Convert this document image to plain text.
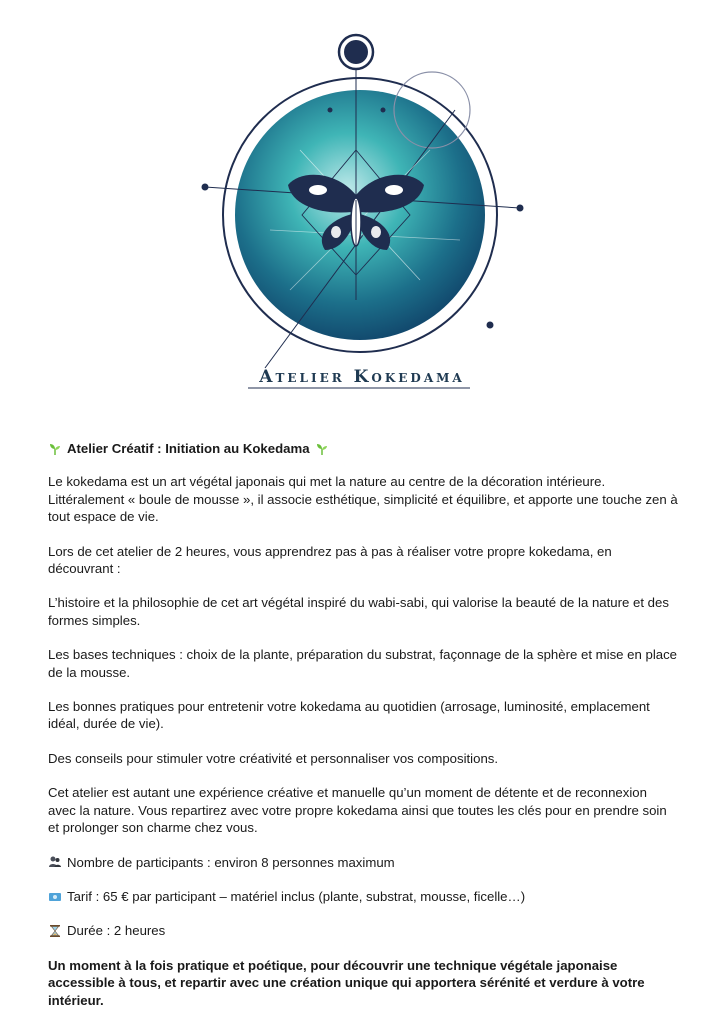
Atelier Kokedama

Atelier Créatif : Initiation au Kokedama

Le kokedama est un art végétal japonais qui met la nature au centre de la décoration intérieure. Littéralement « boule de mousse », il associe esthétique, simplicité et équilibre, et apporte une touche zen à tout espace de vie.

Lors de cet atelier de 2 heures, vous apprendrez pas à pas à réaliser votre propre kokedama, en découvrant :

L’histoire et la philosophie de cet art végétal inspiré du wabi-sabi, qui valorise la beauté de la nature et des formes simples.

Les bases techniques : choix de la plante, préparation du substrat, façonnage de la sphère et mise en place de la mousse.

Les bonnes pratiques pour entretenir votre kokedama au quotidien (arrosage, luminosité, emplacement idéal, durée de vie).

Des conseils pour stimuler votre créativité et personnaliser vos compositions.

Cet atelier est autant une expérience créative et manuelle qu’un moment de détente et de reconnexion avec la nature. Vous repartirez avec votre propre kokedama ainsi que toutes les clés pour en prendre soin et prolonger son charme chez vous.

Nombre de participants : environ 8 personnes maximum

Tarif : 65 € par participant – matériel inclus (plante, substrat, mousse, ficelle…)

Durée : 2 heures

Un moment à la fois pratique et poétique, pour découvrir une technique végétale japonaise accessible à tous, et repartir avec une création unique qui apportera sérénité et verdure à votre intérieur.
